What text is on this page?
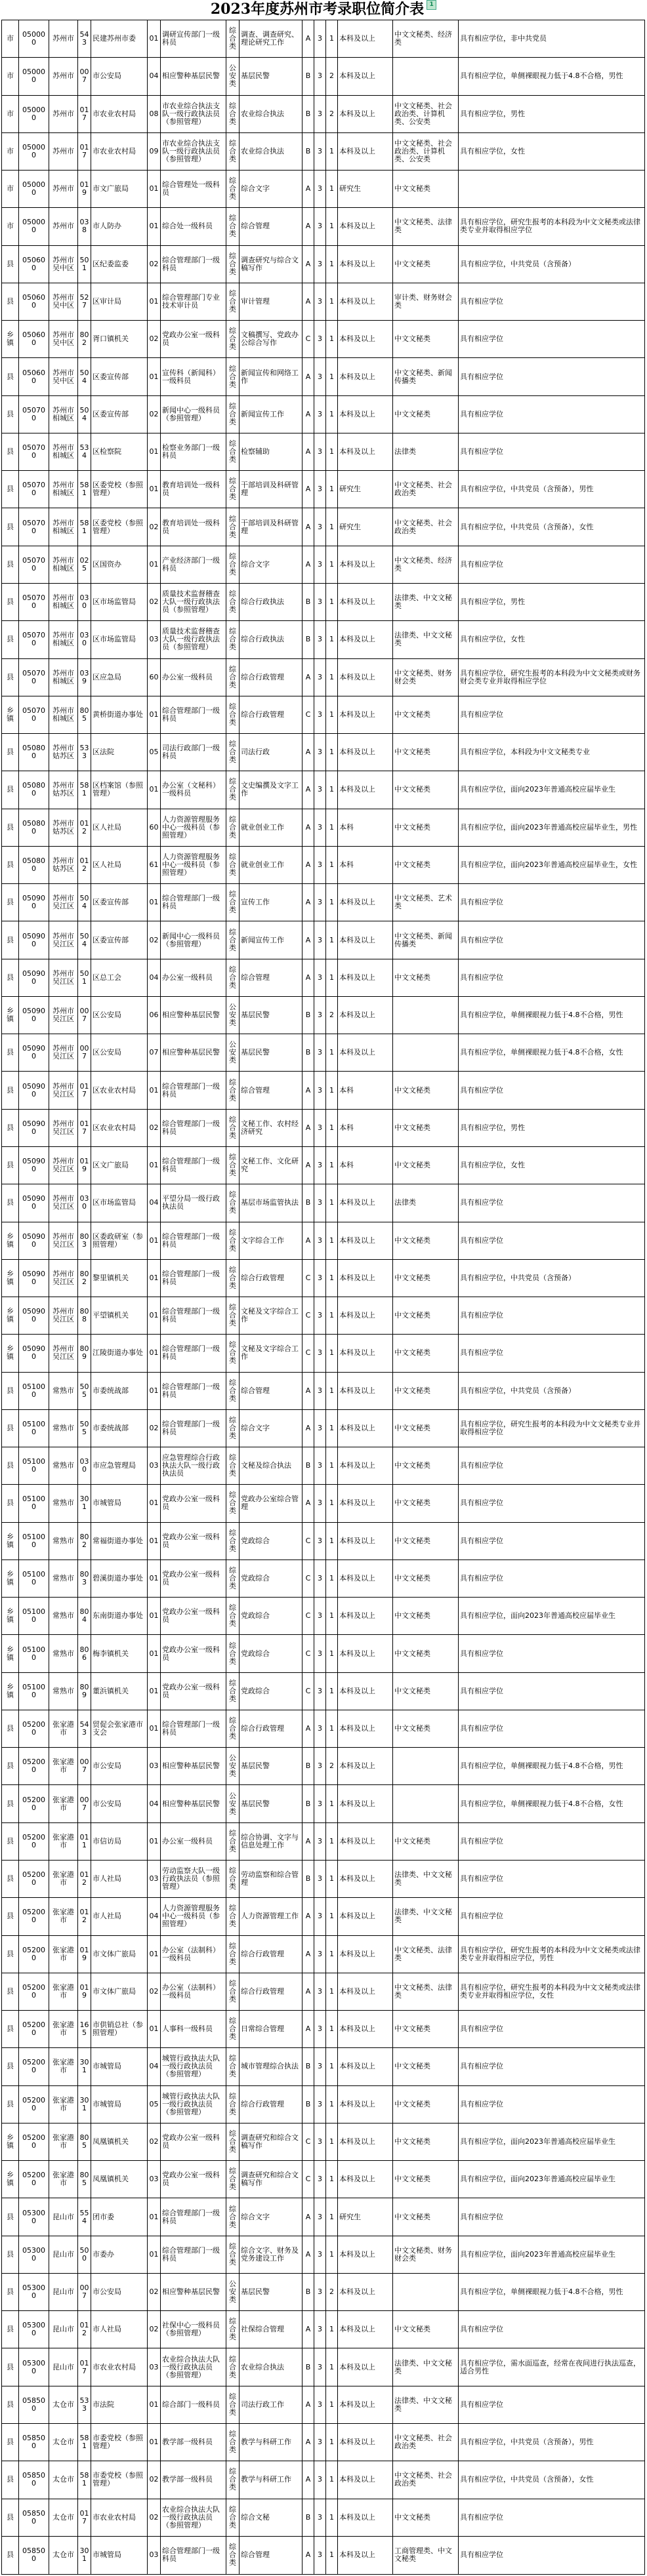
2023年度苏州市考录职位简介表 1
市	050000	苏州市	543	民建苏州市委	01	调研宣传部门一级科员	综合类	调查、调查研究、理论研究工作	A	3	1	本科及以上	中文文秘类、经济类	具有相应学位，非中共党员
市	050000	苏州市	007	市公安局	04	相应警种基层民警	公安类	基层民警	B	3	2	本科及以上		具有相应学位，单侧裸眼视力低于4.8不合格，男性
市	050000	苏州市	017	市农业农村局	08	市农业综合执法支队一级行政执法员（参照管理）	综合类	农业综合执法	B	3	2	本科及以上	中文文秘类、社会政治类、计算机类、公安类	具有相应学位，男性
市	050000	苏州市	017	市农业农村局	09	市农业综合执法支队一级行政执法员（参照管理）	综合类	农业综合执法	B	3	1	本科及以上	中文文秘类、社会政治类、计算机类、公安类	具有相应学位，女性
市	050000	苏州市	019	市文广旅局	01	综合管理处一级科员	综合类	综合文字	A	3	1	研究生	中文文秘类	
市	050000	苏州市	038	市人防办	01	综合处一级科员	综合类	综合管理	A	3	1	本科及以上	中文文秘类、法律类	具有相应学位，研究生报考的本科段为中文文秘类或法律类专业并取得相应学位
县	050600	苏州市吴中区	501	区纪委监委	02	综合管理部门一级科员	综合类	调查研究与综合文稿写作	A	3	1	本科及以上	中文文秘类	具有相应学位，中共党员（含预备）
县	050600	苏州市吴中区	527	区审计局	01	综合管理部门专业技术审计员	综合类	审计管理	A	3	1	本科及以上	审计类、财务财会类	具有相应学位
乡镇	050600	苏州市吴中区	802	胥口镇机关	02	党政办公室一级科员	综合类	文稿撰写、党政办公综合写作	C	3	1	本科及以上	中文文秘类	具有相应学位
县	050600	苏州市吴中区	504	区委宣传部	01	宣传科（新闻科）一级科员	综合类	新闻宣传和网络工作	A	3	1	本科及以上	中文文秘类、新闻传播类	具有相应学位
县	050700	苏州市相城区	504	区委宣传部	02	新闻中心一级科员（参照管理）	综合类	新闻宣传工作	A	3	1	本科及以上	中文文秘类	具有相应学位
县	050700	苏州市相城区	534	区检察院	01	检察业务部门一级科员	综合类	检察辅助	A	3	1	本科及以上	法律类	具有相应学位
县	050700	苏州市相城区	581	区委党校（参照管理）	01	教育培训处一级科员	综合类	干部培训及科研管理	A	3	1	研究生	中文文秘类、社会政治类	具有相应学位，中共党员（含预备），男性
县	050700	苏州市相城区	581	区委党校（参照管理）	02	教育培训处一级科员	综合类	干部培训及科研管理	A	3	1	研究生	中文文秘类、社会政治类	具有相应学位，中共党员（含预备），女性
县	050700	苏州市相城区	025	区国资办	01	产业经济部门一级科员	综合类	综合文字	A	3	1	本科及以上	中文文秘类、经济类	具有相应学位
县	050700	苏州市相城区	030	区市场监管局	02	质量技术监督稽查大队一级行政执法员（参照管理）	综合类	综合行政执法	B	3	1	本科及以上	法律类、中文文秘类	具有相应学位，男性
县	050700	苏州市相城区	030	区市场监管局	03	质量技术监督稽查大队一级行政执法员（参照管理）	综合类	综合行政执法	B	3	1	本科及以上	法律类、中文文秘类	具有相应学位，女性
县	050700	苏州市相城区	039	区应急局	60	办公室一级科员	综合类	综合行政管理	A	3	1	本科及以上	中文文秘类、财务财会类	具有相应学位，研究生报考的本科段为中文文秘类或财务财会类专业并取得相应学位
乡镇	050700	苏州市相城区	805	黄桥街道办事处	01	综合管理部门一级科员	综合类	综合行政管理	C	3	1	本科及以上	中文文秘类	具有相应学位
县	050800	苏州市姑苏区	533	区法院	05	司法行政部门一级科员	综合类	司法行政	A	3	1	本科及以上	中文文秘类	具有相应学位，本科段为中文文秘类专业
县	050800	苏州市姑苏区	581	区档案馆（参照管理）	01	办公室（文秘科）一级科员	综合类	文史编撰及文字工作	A	3	1	本科及以上	中文文秘类	具有相应学位，面向2023年普通高校应届毕业生
县	050800	苏州市姑苏区	012	区人社局	60	人力资源管理服务中心一级科员（参照管理）	综合类	就业创业工作	A	3	1	本科	中文文秘类	具有相应学位，面向2023年普通高校应届毕业生，男性
县	050800	苏州市姑苏区	012	区人社局	61	人力资源管理服务中心一级科员（参照管理）	综合类	就业创业工作	A	3	1	本科	中文文秘类	具有相应学位，面向2023年普通高校应届毕业生，女性
县	050900	苏州市吴江区	504	区委宣传部	01	综合管理部门一级科员	综合类	宣传工作	A	3	1	本科及以上	中文文秘类、艺术类	具有相应学位
县	050900	苏州市吴江区	504	区委宣传部	02	新闻中心一级科员（参照管理）	综合类	新闻宣传工作	A	3	1	本科及以上	中文文秘类、新闻传播类	具有相应学位
县	050900	苏州市吴江区	501	区总工会	04	办公室一级科员	综合类	综合管理	A	3	1	本科及以上	中文文秘类	具有相应学位
乡镇	050900	苏州市吴江区	007	区公安局	06	相应警种基层民警	公安类	基层民警	B	3	2	本科及以上		具有相应学位，单侧裸眼视力低于4.8不合格，男性
县	050900	苏州市吴江区	007	区公安局	07	相应警种基层民警	公安类	基层民警	B	3	1	本科及以上		具有相应学位，单侧裸眼视力低于4.8不合格，女性
县	050900	苏州市吴江区	017	区农业农村局	01	综合管理部门一级科员	综合类	综合管理	A	3	1	本科	中文文秘类	具有相应学位
县	050900	苏州市吴江区	017	区农业农村局	02	综合管理部门一级科员	综合类	文秘工作、农村经济研究	A	3	1	本科	中文文秘类	具有相应学位，男性
县	050900	苏州市吴江区	019	区文广旅局	01	综合管理部门一级科员	综合类	文秘工作、文化研究	A	3	1	本科	中文文秘类	具有相应学位，女性
县	050900	苏州市吴江区	030	区市场监管局	04	平望分局一级行政执法员	综合类	基层市场监管执法	B	3	1	本科及以上	法律类	具有相应学位
乡镇	050900	苏州市吴江区	803	区委政研室（参照管理）	01	综合管理部门一级科员	综合类	文字综合工作	A	3	1	本科及以上	中文文秘类	具有相应学位
乡镇	050900	苏州市吴江区	802	黎里镇机关	01	综合管理部门一级科员	综合类	综合行政管理	C	3	1	本科及以上	中文文秘类	具有相应学位，中共党员（含预备）
乡镇	050900	苏州市吴江区	808	平望镇机关	01	综合管理部门一级科员	综合类	文秘及文字综合工作	C	3	1	本科及以上	中文文秘类	具有相应学位
乡镇	050900	苏州市吴江区	809	江陵街道办事处	01	综合管理部门一级科员	综合类	文秘及文字综合工作	C	3	1	本科及以上	中文文秘类	具有相应学位
县	051000	常熟市	505	市委统战部	01	综合管理部门一级科员	综合类	综合管理	A	3	1	本科及以上	中文文秘类	具有相应学位，中共党员（含预备）
县	051000	常熟市	505	市委统战部	02	综合管理部门一级科员	综合类	综合文字	A	3	1	本科及以上	中文文秘类	具有相应学位，研究生报考的本科段为中文文秘类专业并取得相应学位
县	051000	常熟市	030	市应急管理局	03	应急管理综合行政执法大队一级行政执法员	综合类	文秘及综合执法	B	3	1	本科及以上	中文文秘类	具有相应学位
县	051000	常熟市	301	市城管局	01	党政办公室一级科员	综合类	党政办公室综合管理	A	3	1	本科及以上	中文文秘类	具有相应学位
乡镇	051000	常熟市	802	常福街道办事处	01	党政办公室一级科员	综合类	党政综合	C	3	1	本科及以上	中文文秘类	具有相应学位
乡镇	051000	常熟市	803	碧溪街道办事处	01	党政办公室一级科员	综合类	党政综合	C	3	1	本科及以上	中文文秘类	具有相应学位
乡镇	051000	常熟市	804	东南街道办事处	01	党政办公室一级科员	综合类	党政综合	C	3	1	本科及以上	中文文秘类	具有相应学位，面向2023年普通高校应届毕业生
乡镇	051000	常熟市	806	梅李镇机关	01	党政办公室一级科员	综合类	党政综合	C	3	1	本科及以上	中文文秘类	具有相应学位
乡镇	051000	常熟市	809	董浜镇机关	01	党政办公室一级科员	综合类	党政综合	C	3	1	本科及以上	中文文秘类	具有相应学位
县	052000	张家港市	543	贸促会张家港市支会	01	综合管理部门一级科员	综合类	综合行政管理	A	3	1	本科及以上	中文文秘类	具有相应学位
县	052000	张家港市	007	市公安局	03	相应警种基层民警	公安类	基层民警	B	3	2	本科及以上		具有相应学位，单侧裸眼视力低于4.8不合格，男性
县	052000	张家港市	007	市公安局	04	相应警种基层民警	公安类	基层民警	B	3	1	本科及以上		具有相应学位，单侧裸眼视力低于4.8不合格，女性
县	052000	张家港市	011	市信访局	01	办公室一级科员	综合类	综合协调、文字与信息处理工作	A	3	1	本科及以上	中文文秘类	具有相应学位
县	052000	张家港市	012	市人社局	03	劳动监察大队一级行政执法员（参照管理）	综合类	劳动监察和综合管理	B	3	1	本科及以上	法律类、中文文秘类	具有相应学位
县	052000	张家港市	012	市人社局	04	人力资源管理服务中心一级科员（参照管理）	综合类	人力资源管理工作	A	3	1	本科及以上	法律类、中文文秘类	具有相应学位
县	052000	张家港市	019	市文体广旅局	01	办公室（法制科）一级科员	综合类	综合行政管理	A	3	1	本科及以上	中文文秘类、法律类	具有相应学位，研究生报考的本科段为中文文秘类或法律类专业并取得相应学位，男性
县	052000	张家港市	019	市文体广旅局	02	办公室（法制科）一级科员	综合类	综合行政管理	A	3	1	本科及以上	中文文秘类、法律类	具有相应学位，研究生报考的本科段为中文文秘类或法律类专业并取得相应学位，女性
县	052000	张家港市	165	市供销总社（参照管理）	01	人事科一级科员	综合类	日常综合管理	A	3	1	本科及以上	中文文秘类	具有相应学位
县	052000	张家港市	301	市城管局	04	城管行政执法大队一级行政执法员（参照管理）	综合类	城市管理综合执法	B	3	1	本科及以上	中文文秘类	具有相应学位
县	052000	张家港市	301	市城管局	05	城管行政执法大队一级行政执法员（参照管理）	综合类	综合行政管理	B	3	1	本科及以上	中文文秘类	具有相应学位
乡镇	052000	张家港市	805	凤凰镇机关	02	党政办公室一级科员	综合类	调查研究和综合文稿写作	C	3	1	本科及以上	中文文秘类	具有相应学位，面向2023年普通高校应届毕业生
乡镇	052000	张家港市	805	凤凰镇机关	03	党政办公室一级科员	综合类	调查研究和综合文稿写作	C	3	1	本科及以上	中文文秘类	具有相应学位，面向2023年普通高校应届毕业生
县	053000	昆山市	554	团市委	01	综合管理部门一级科员	综合类	综合文字	A	3	1	研究生	中文文秘类	具有相应学位
县	053000	昆山市	500	市委办	01	综合管理部门一级科员	综合类	综合文字、财务及党务建设工作	A	3	1	本科及以上	中文文秘类、财务财会类	具有相应学位，面向2023年普通高校应届毕业生
县	053000	昆山市	007	市公安局	02	相应警种基层民警	公安类	基层民警	B	3	2	本科及以上		具有相应学位，单侧裸眼视力低于4.8不合格，男性
县	053000	昆山市	012	市人社局	02	社保中心一级科员（参照管理）	综合类	社保综合管理	A	3	1	本科及以上	中文文秘类	具有相应学位
县	053000	昆山市	017	市农业农村局	03	农业综合执法大队一级行政执法员（参照管理）	综合类	农业综合执法	B	3	1	本科及以上	法律类、中文文秘类	具有相应学位，需水面巡查，经常在夜间进行执法巡查，适合男性
县	058500	太仓市	533	市法院	01	综合部门一级科员	综合类	司法行政工作	A	3	1	本科及以上	法律类、中文文秘类	具有相应学位
县	058500	太仓市	581	市委党校（参照管理）	01	教学部一级科员	综合类	教学与科研工作	A	3	1	本科及以上	中文文秘类、社会政治类	具有相应学位，中共党员（含预备），男性
县	058500	太仓市	581	市委党校（参照管理）	02	教学部一级科员	综合类	教学与科研工作	A	3	1	本科及以上	中文文秘类、社会政治类	具有相应学位，中共党员（含预备），女性
县	058500	太仓市	017	市农业农村局	02	农业综合执法大队一级行政执法员（参照管理）	综合类	综合文秘	B	3	1	本科及以上	中文文秘类	具有相应学位
县	058500	太仓市	301	市城管局	03	综合管理部门一级科员	综合类	综合管理	A	3	1	本科及以上	工商管理类、中文文秘类	具有相应学位
